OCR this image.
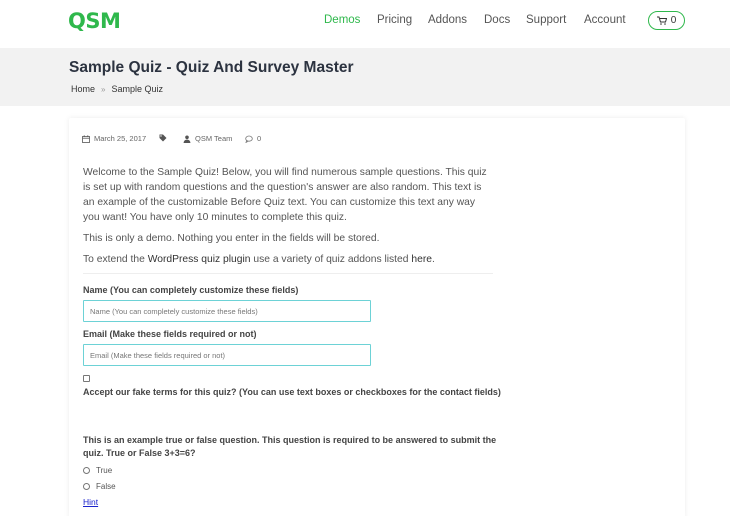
QSM	Demos Pricing Addons Docs Support Account	0
Sample Quiz - Quiz And Survey Master
Home » Sample Quiz
March 25, 2017	QSM Team	0

Welcome to the Sample Quiz! Below, you will find numerous sample questions. This quiz is set up with random questions and the question's answer are also random. This text is an example of the customizable Before Quiz text. You can customize this text any way you want! You have only 10 minutes to complete this quiz.

This is only a demo. Nothing you enter in the fields will be stored.

To extend the WordPress quiz plugin use a variety of quiz addons listed here.

Name (You can completely customize these fields)
Name (You can completely customize these fields)
Email (Make these fields required or not)
Email (Make these fields required or not)
Accept our fake terms for this quiz? (You can use text boxes or checkboxes for the contact fields)
This is an example true or false question. This question is required to be answered to submit the quiz. True or False 3+3=6?
True
False
Hint
